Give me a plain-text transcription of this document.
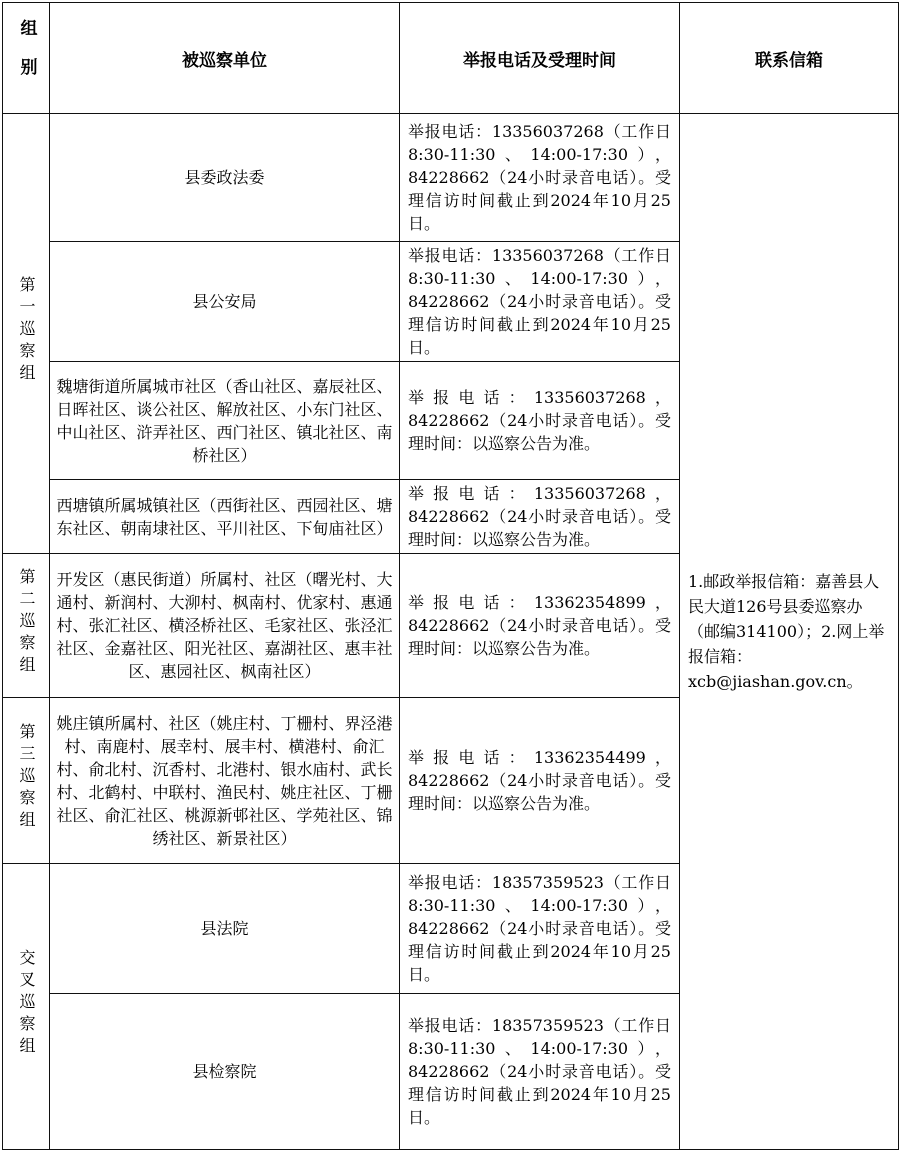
组别	被巡察单位	举报电话及受理时间	联系信箱
第一巡察组	县委政法委	举报电话：13356037268（工作日8:30-11:30、14:00-17:30），84228662（24小时录音电话）。受理信访时间截止到2024年10月25日。	1.邮政举报信箱：嘉善县人民大道126号县委巡察办（邮编314100）；2.网上举报信箱：xcb@jiashan.gov.cn。
	县公安局	举报电话：13356037268（工作日8:30-11:30、14:00-17:30），84228662（24小时录音电话）。受理信访时间截止到2024年10月25日。	
	魏塘街道所属城市社区（香山社区、嘉辰社区、日晖社区、谈公社区、解放社区、小东门社区、中山社区、浒弄社区、西门社区、镇北社区、南桥社区）	举报电话：13356037268，84228662（24小时录音电话）。受理时间：以巡察公告为准。	
	西塘镇所属城镇社区（西街社区、西园社区、塘东社区、朝南埭社区、平川社区、下甸庙社区）	举报电话：13356037268，84228662（24小时录音电话）。受理时间：以巡察公告为准。	
第二巡察组	开发区（惠民街道）所属村、社区（曙光村、大通村、新润村、大泖村、枫南村、优家村、惠通村、张汇社区、横泾桥社区、毛家社区、张泾汇社区、金嘉社区、阳光社区、嘉湖社区、惠丰社区、惠园社区、枫南社区）	举报电话：13362354899，84228662（24小时录音电话）。受理时间：以巡察公告为准。	
第三巡察组	姚庄镇所属村、社区（姚庄村、丁栅村、界泾港村、南鹿村、展幸村、展丰村、横港村、俞汇村、俞北村、沉香村、北港村、银水庙村、武长村、北鹤村、中联村、渔民村、姚庄社区、丁栅社区、俞汇社区、桃源新邨社区、学苑社区、锦绣社区、新景社区）	举报电话：13362354499，84228662（24小时录音电话）。受理时间：以巡察公告为准。	
交叉巡察组	县法院	举报电话：18357359523（工作日8:30-11:30、14:00-17:30），84228662（24小时录音电话）。受理信访时间截止到2024年10月25日。	
	县检察院	举报电话：18357359523（工作日8:30-11:30、14:00-17:30），84228662（24小时录音电话）。受理信访时间截止到2024年10月25日。	
